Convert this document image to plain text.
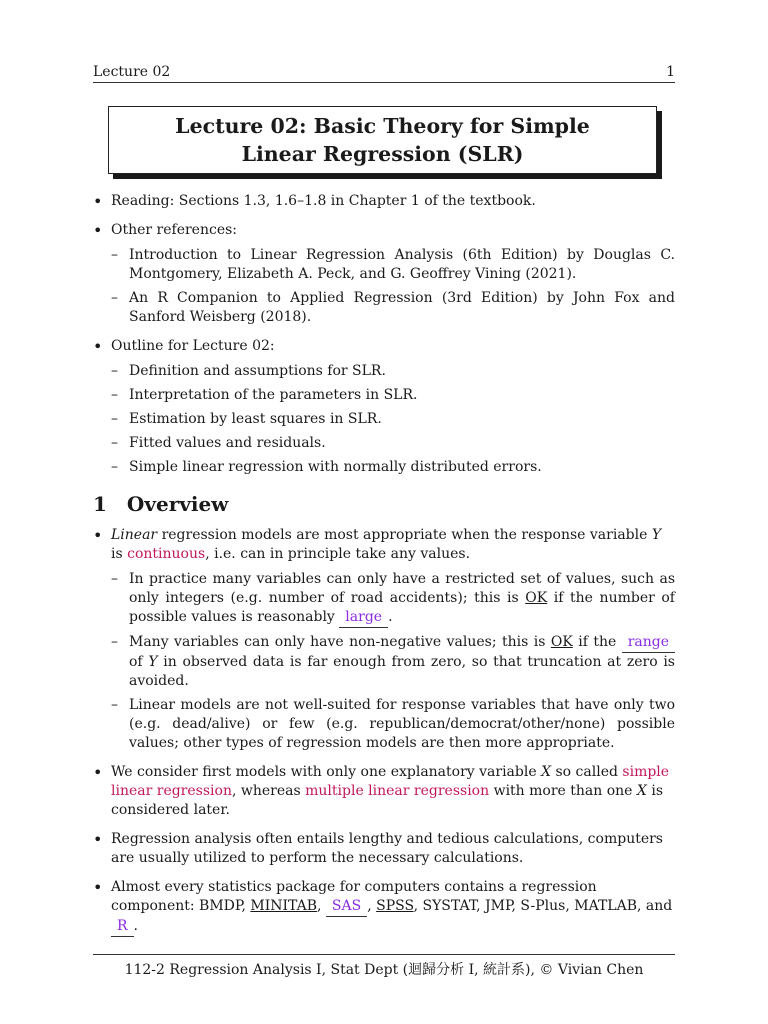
Lecture 02	1
Lecture 02: Basic Theory for Simple Linear Regression (SLR)
• Reading: Sections 1.3, 1.6–1.8 in Chapter 1 of the textbook.
• Other references:
– Introduction to Linear Regression Analysis (6th Edition) by Douglas C. Montgomery, Elizabeth A. Peck, and G. Geoffrey Vining (2021).
– An R Companion to Applied Regression (3rd Edition) by John Fox and Sanford Weisberg (2018).
• Outline for Lecture 02:
– Definition and assumptions for SLR.
– Interpretation of the parameters in SLR.
– Estimation by least squares in SLR.
– Fitted values and residuals.
– Simple linear regression with normally distributed errors.
1 Overview
• Linear regression models are most appropriate when the response variable Y is continuous, i.e. can in principle take any values.
– In practice many variables can only have a restricted set of values, such as only integers (e.g. number of road accidents); this is OK if the number of possible values is reasonably large .
– Many variables can only have non-negative values; this is OK if the range of Y in observed data is far enough from zero, so that truncation at zero is avoided.
– Linear models are not well-suited for response variables that have only two (e.g. dead/alive) or few (e.g. republican/democrat/other/none) possible values; other types of regression models are then more appropriate.
• We consider first models with only one explanatory variable X so called simple linear regression, whereas multiple linear regression with more than one X is considered later.
• Regression analysis often entails lengthy and tedious calculations, computers are usually utilized to perform the necessary calculations.
• Almost every statistics package for computers contains a regression component: BMDP, MINITAB, SAS , SPSS, SYSTAT, JMP, S-Plus, MATLAB, and R .
112-2 Regression Analysis I, Stat Dept (迴歸分析 I, 統計系), © Vivian Chen
